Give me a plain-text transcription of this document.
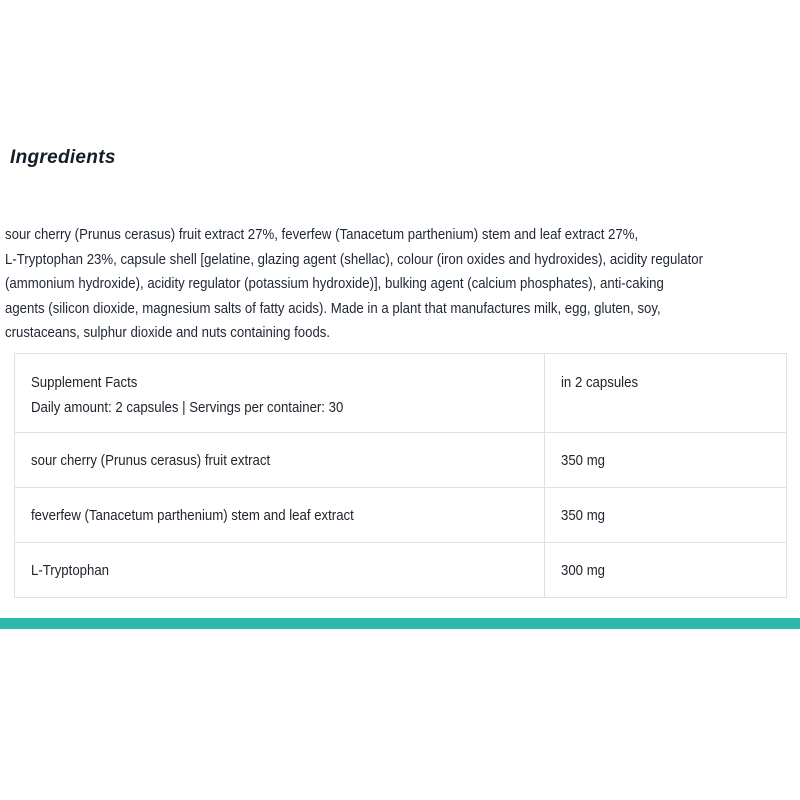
Ingredients
sour cherry (Prunus cerasus) fruit extract 27%, feverfew (Tanacetum parthenium) stem and leaf extract 27%,
L-Tryptophan 23%, capsule shell [gelatine, glazing agent (shellac), colour (iron oxides and hydroxides), acidity regulator
(ammonium hydroxide), acidity regulator (potassium hydroxide)], bulking agent (calcium phosphates), anti-caking
agents (silicon dioxide, magnesium salts of fatty acids). Made in a plant that manufactures milk, egg, gluten, soy,
crustaceans, sulphur dioxide and nuts containing foods.
Supplement Facts
Daily amount: 2 capsules | Servings per container: 30	in 2 capsules

sour cherry (Prunus cerasus) fruit extract	350 mg
feverfew (Tanacetum parthenium) stem and leaf extract	350 mg
L-Tryptophan	300 mg
